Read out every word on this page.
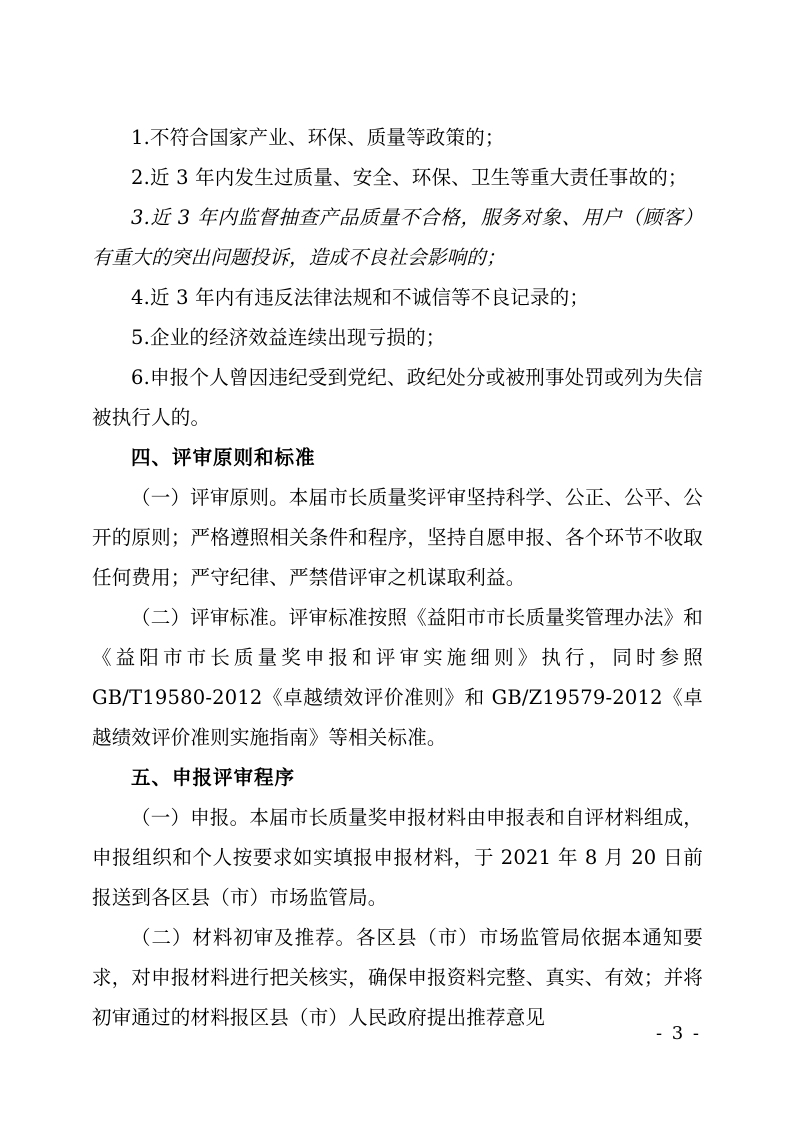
1.不符合国家产业、环保、质量等政策的；

2.近 3 年内发生过质量、安全、环保、卫生等重大责任事故的；

3.近 3 年内监督抽查产品质量不合格，服务对象、用户（顾客）有重大的突出问题投诉，造成不良社会影响的；

4.近 3 年内有违反法律法规和不诚信等不良记录的；

5.企业的经济效益连续出现亏损的；

6.申报个人曾因违纪受到党纪、政纪处分或被刑事处罚或列为失信被执行人的。

四、评审原则和标准

（一）评审原则。本届市长质量奖评审坚持科学、公正、公平、公开的原则；严格遵照相关条件和程序，坚持自愿申报、各个环节不收取任何费用；严守纪律、严禁借评审之机谋取利益。

（二）评审标准。评审标准按照《益阳市市长质量奖管理办法》和《益阳市市长质量奖申报和评审实施细则》执行，同时参照 GB/T19580-2012《卓越绩效评价准则》和 GB/Z19579-2012《卓越绩效评价准则实施指南》等相关标准。

五、申报评审程序

（一）申报。本届市长质量奖申报材料由申报表和自评材料组成，申报组织和个人按要求如实填报申报材料，于 2021 年 8 月 20 日前报送到各区县（市）市场监管局。

（二）材料初审及推荐。各区县（市）市场监管局依据本通知要求，对申报材料进行把关核实，确保申报资料完整、真实、有效；并将初审通过的材料报区县（市）人民政府提出推荐意见

- 3 -
